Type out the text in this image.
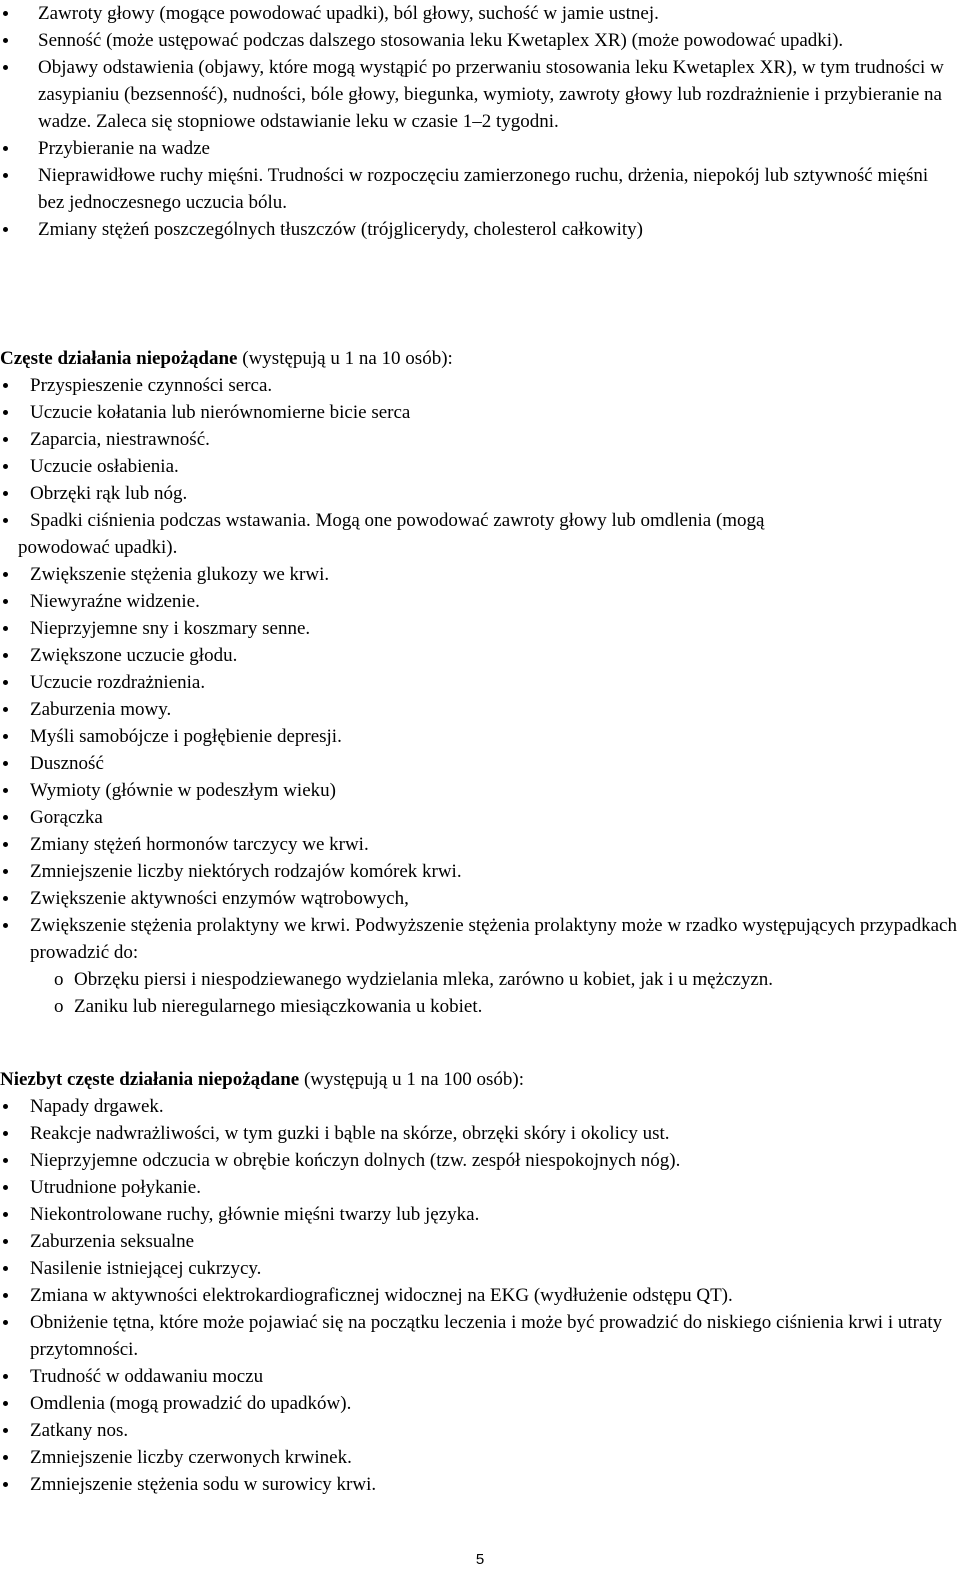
Zawroty głowy (mogące powodować upadki), ból głowy, suchość w jamie ustnej.
Senność (może ustępować podczas dalszego stosowania leku Kwetaplex XR) (może powodować upadki).
Objawy odstawienia (objawy, które mogą wystąpić po przerwaniu stosowania leku Kwetaplex XR), w tym trudności w zasypianiu (bezsenność), nudności, bóle głowy, biegunka, wymioty, zawroty głowy lub rozdrażnienie i przybieranie na wadze. Zaleca się stopniowe odstawianie leku w czasie 1–2 tygodni.
Przybieranie na wadze
Nieprawidłowe ruchy mięśni. Trudności w rozpoczęciu zamierzonego ruchu, drżenia, niepokój lub sztywność mięśni bez jednoczesnego uczucia bólu.
Zmiany stężeń poszczególnych tłuszczów (trójglicerydy, cholesterol całkowity)

Częste działania niepożądane (występują u 1 na 10 osób):

Przyspieszenie czynności serca.
Uczucie kołatania lub nierównomierne bicie serca
Zaparcia, niestrawność.
Uczucie osłabienia.
Obrzęki rąk lub nóg.
Spadki ciśnienia podczas wstawania. Mogą one powodować zawroty głowy lub omdlenia (mogą
powodować upadki).
Zwiększenie stężenia glukozy we krwi.
Niewyraźne widzenie.
Nieprzyjemne sny i koszmary senne.
Zwiększone uczucie głodu.
Uczucie rozdrażnienia.
Zaburzenia mowy.
Myśli samobójcze i pogłębienie depresji.
Duszność
Wymioty (głównie w podeszłym wieku)
Gorączka
Zmiany stężeń hormonów tarczycy we krwi.
Zmniejszenie liczby niektórych rodzajów komórek krwi.
Zwiększenie aktywności enzymów wątrobowych,
Zwiększenie stężenia prolaktyny we krwi. Podwyższenie stężenia prolaktyny może w rzadko występujących przypadkach prowadzić do:
o Obrzęku piersi i niespodziewanego wydzielania mleka, zarówno u kobiet, jak i u mężczyzn.
o Zaniku lub nieregularnego miesiączkowania u kobiet.

Niezbyt częste działania niepożądane (występują u 1 na 100 osób):

Napady drgawek.
Reakcje nadwrażliwości, w tym guzki i bąble na skórze, obrzęki skóry i okolicy ust.
Nieprzyjemne odczucia w obrębie kończyn dolnych (tzw. zespół niespokojnych nóg).
Utrudnione połykanie.
Niekontrolowane ruchy, głównie mięśni twarzy lub języka.
Zaburzenia seksualne
Nasilenie istniejącej cukrzycy.
Zmiana w aktywności elektrokardiograficznej widocznej na EKG (wydłużenie odstępu QT).
Obniżenie tętna, które może pojawiać się na początku leczenia i może być prowadzić do niskiego ciśnienia krwi i utraty przytomności.
Trudność w oddawaniu moczu
Omdlenia (mogą prowadzić do upadków).
Zatkany nos.
Zmniejszenie liczby czerwonych krwinek.
Zmniejszenie stężenia sodu w surowicy krwi.
5
